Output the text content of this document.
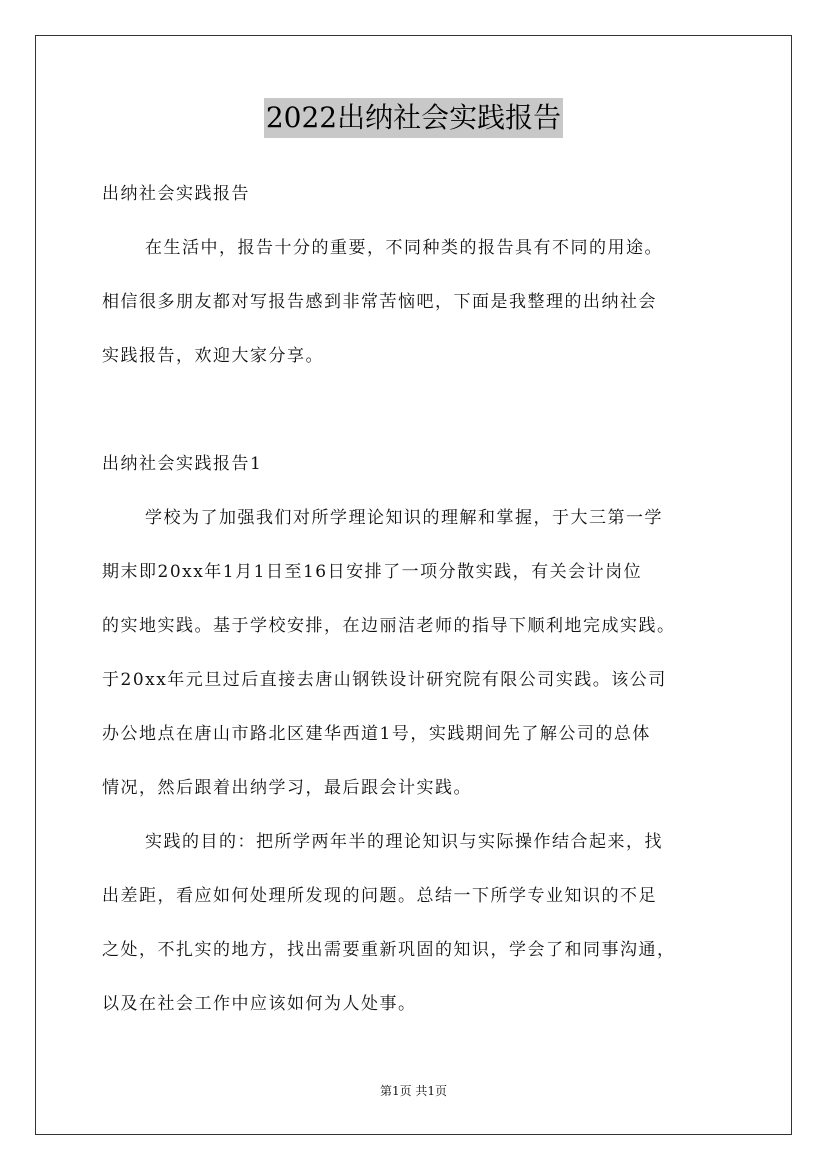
2022出纳社会实践报告
出纳社会实践报告
在生活中，报告十分的重要，不同种类的报告具有不同的用途。
相信很多朋友都对写报告感到非常苦恼吧，下面是我整理的出纳社会
实践报告，欢迎大家分享。
出纳社会实践报告1
学校为了加强我们对所学理论知识的理解和掌握，于大三第一学
期末即20xx年1月1日至16日安排了一项分散实践，有关会计岗位
的实地实践。基于学校安排，在边丽洁老师的指导下顺利地完成实践。
于20xx年元旦过后直接去唐山钢铁设计研究院有限公司实践。该公司
办公地点在唐山市路北区建华西道1号，实践期间先了解公司的总体
情况，然后跟着出纳学习，最后跟会计实践。
实践的目的：把所学两年半的理论知识与实际操作结合起来，找
出差距，看应如何处理所发现的问题。总结一下所学专业知识的不足
之处，不扎实的地方，找出需要重新巩固的知识，学会了和同事沟通，
以及在社会工作中应该如何为人处事。
第1页 共1页
